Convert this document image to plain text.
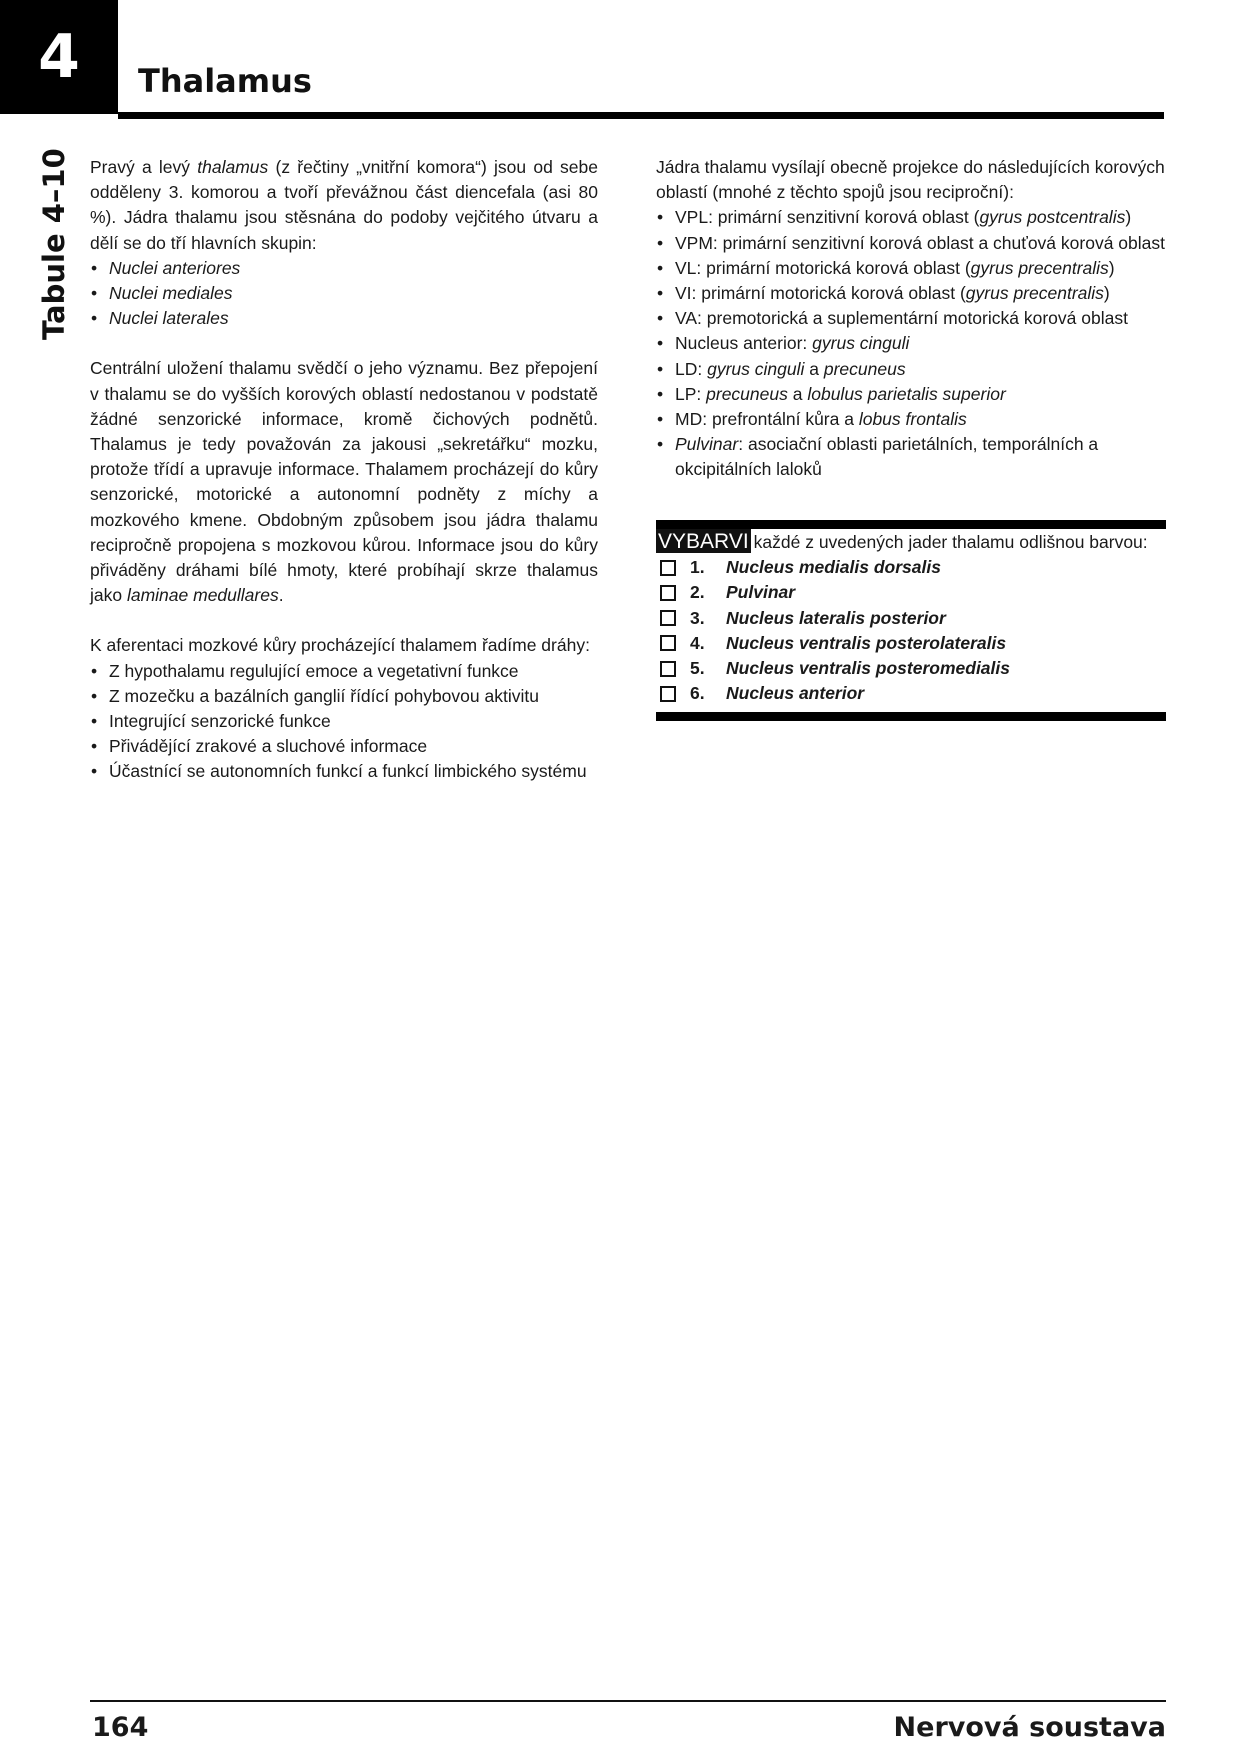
4	Thalamus
Tabule 4–10 Pravý a levý thalamus (z řečtiny „vnitřní komora“) jsou od sebe odděleny 3. komorou a tvoří převážnou část diencefala (asi 80 %). Jádra thalamu jsou stěsnána do podoby vejčitého útvaru a dělí se do tří hlavních skupin:

• Nuclei anteriores
• Nuclei mediales
• Nuclei laterales

Centrální uložení thalamu svědčí o jeho významu. Bez přepojení v thalamu se do vyšších korových oblastí nedostanou v podstatě žádné senzorické informace, kromě čichových podnětů. Thalamus je tedy považován za jakousi „sekretářku“ mozku, protože třídí a upravuje informace. Thalamem procházejí do kůry senzorické, motorické a autonomní podněty z míchy a mozkového kmene. Obdobným způsobem jsou jádra thalamu recipročně propojena s mozkovou kůrou. Informace jsou do kůry přiváděny dráhami bílé hmoty, které probíhají skrze thalamus jako laminae medullares.

K aferentaci mozkové kůry procházející thalamem řadíme dráhy:

• Z hypothalamu regulující emoce a vegetativní funkce
• Z mozečku a bazálních ganglií řídící pohybovou aktivitu
• Integrující senzorické funkce
• Přivádějící zrakové a sluchové informace
• Účastnící se autonomních funkcí a funkcí limbického systému

Jádra thalamu vysílají obecně projekce do následujících korových oblastí (mnohé z těchto spojů jsou reciproční):

• VPL: primární senzitivní korová oblast (gyrus postcentralis)
• VPM: primární senzitivní korová oblast a chuťová korová oblast
• VL: primární motorická korová oblast (gyrus precentralis)
• VI: primární motorická korová oblast (gyrus precentralis)
• VA: premotorická a suplementární motorická korová oblast
• Nucleus anterior: gyrus cinguli
• LD: gyrus cinguli a precuneus
• LP: precuneus a lobulus parietalis superior
• MD: prefrontální kůra a lobus frontalis
• Pulvinar: asociační oblasti parietálních, temporálních a okcipitálních laloků

VYBARVI každé z uvedených jader thalamu odlišnou barvou:

1.	Nucleus medialis dorsalis
2.	Pulvinar
3.	Nucleus lateralis posterior
4.	Nucleus ventralis posterolateralis
5.	Nucleus ventralis posteromedialis
6.	Nucleus anterior
164	Nervová soustava
